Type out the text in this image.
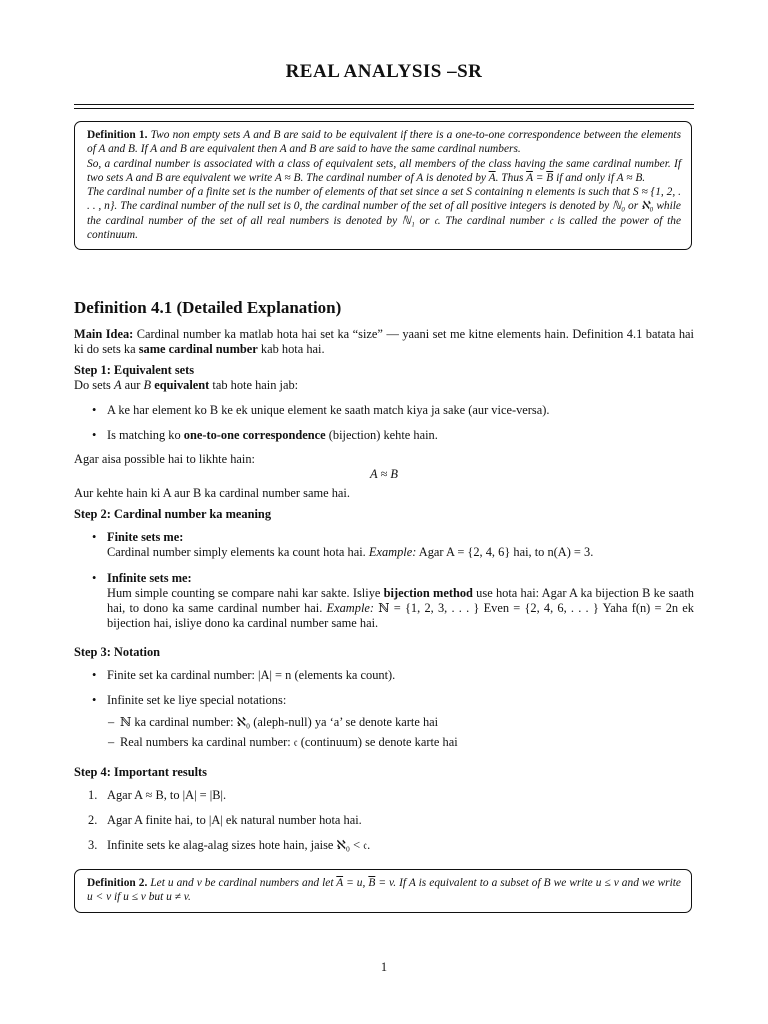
REAL ANALYSIS –SR

Definition 1. Two non empty sets A and B are said to be equivalent if there is a one-to-one correspondence between the elements of A and B. If A and B are equivalent then A and B are said to have the same cardinal numbers.

So, a cardinal number is associated with a class of equivalent sets, all members of the class having the same cardinal number. If two sets A and B are equivalent we write A ≈ B. The cardinal number of A is denoted by $\overline{A}$. Thus $\overline{A} = \overline{B}$ if and only if A ≈ B.

The cardinal number of a finite set is the number of elements of that set since a set S containing n elements is such that S ≈ {1, 2, . . . , n}. The cardinal number of the null set is 0, the cardinal number of the set of all positive integers is denoted by ℕ₀ or ℵ₀ while the cardinal number of the set of all real numbers is denoted by ℕ₁ or 𝔠. The cardinal number 𝔠 is called the power of the continuum.

Definition 4.1 (Detailed Explanation)

Main Idea: Cardinal number ka matlab hota hai set ka “size” — yaani set me kitne elements hain. Definition 4.1 batata hai ki do sets ka same cardinal number kab hota hai.

Step 1: Equivalent sets

Do sets A aur B equivalent tab hote hain jab:

• A ke har element ko B ke ek unique element ke saath match kiya ja sake (aur vice-versa).
• Is matching ko one-to-one correspondence (bijection) kehte hain.

Agar aisa possible hai to likhte hain:

A ≈ B

Aur kehte hain ki A aur B ka cardinal number same hai.

Step 2: Cardinal number ka meaning

• Finite sets me:
Cardinal number simply elements ka count hota hai. Example: Agar A = {2, 4, 6} hai, to n(A) = 3.
• Infinite sets me:
Hum simple counting se compare nahi kar sakte. Isliye bijection method use hota hai: Agar A ka bijection B ke saath hai, to dono ka same cardinal number hai. Example: ℕ = {1, 2, 3, . . . } Even = {2, 4, 6, . . . } Yaha f(n) = 2n ek bijection hai, isliye dono ka cardinal number same hai.

Step 3: Notation

• Finite set ka cardinal number: |A| = n (elements ka count).
• Infinite set ke liye special notations:
– ℕ ka cardinal number: ℵ₀ (aleph-null) ya ‘a’ se denote karte hai
– Real numbers ka cardinal number: 𝔠 (continuum) se denote karte hai

Step 4: Important results

1. Agar A ≈ B, to |A| = |B|.
2. Agar A finite hai, to |A| ek natural number hota hai.
3. Infinite sets ke alag-alag sizes hote hain, jaise ℵ₀ < 𝔠.

Definition 2. Let u and v be cardinal numbers and let $\overline{A} = u$, $\overline{B} = v$. If A is equivalent to a subset of B we write u ≤ v and we write u < v if u ≤ v but u ≠ v.

1
